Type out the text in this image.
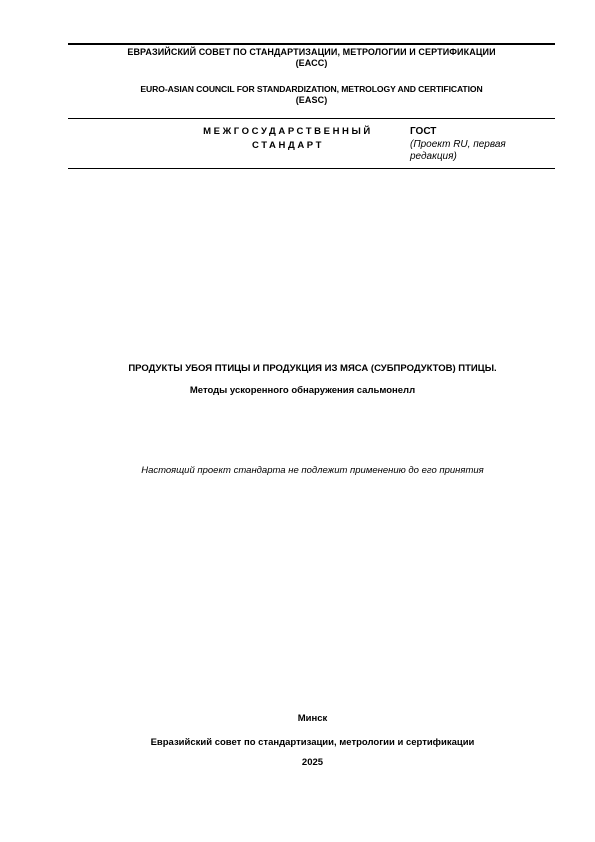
ЕВРАЗИЙСКИЙ СОВЕТ ПО СТАНДАРТИЗАЦИИ, МЕТРОЛОГИИ И СЕРТИФИКАЦИИ
(ЕАСС)
EURO-ASIAN COUNCIL FOR STANDARDIZATION, METROLOGY AND CERTIFICATION
(EASC)
МЕЖГОСУДАРСТВЕННЫЙ
СТАНДАРТ
ГОСТ
(Проект RU, первая редакция)
ПРОДУКТЫ УБОЯ ПТИЦЫ И ПРОДУКЦИЯ ИЗ МЯСА (СУБПРОДУКТОВ) ПТИЦЫ.
Методы ускоренного обнаружения сальмонелл
Настоящий проект стандарта не подлежит применению до его принятия
Минск
Евразийский совет по стандартизации, метрологии и сертификации
2025
